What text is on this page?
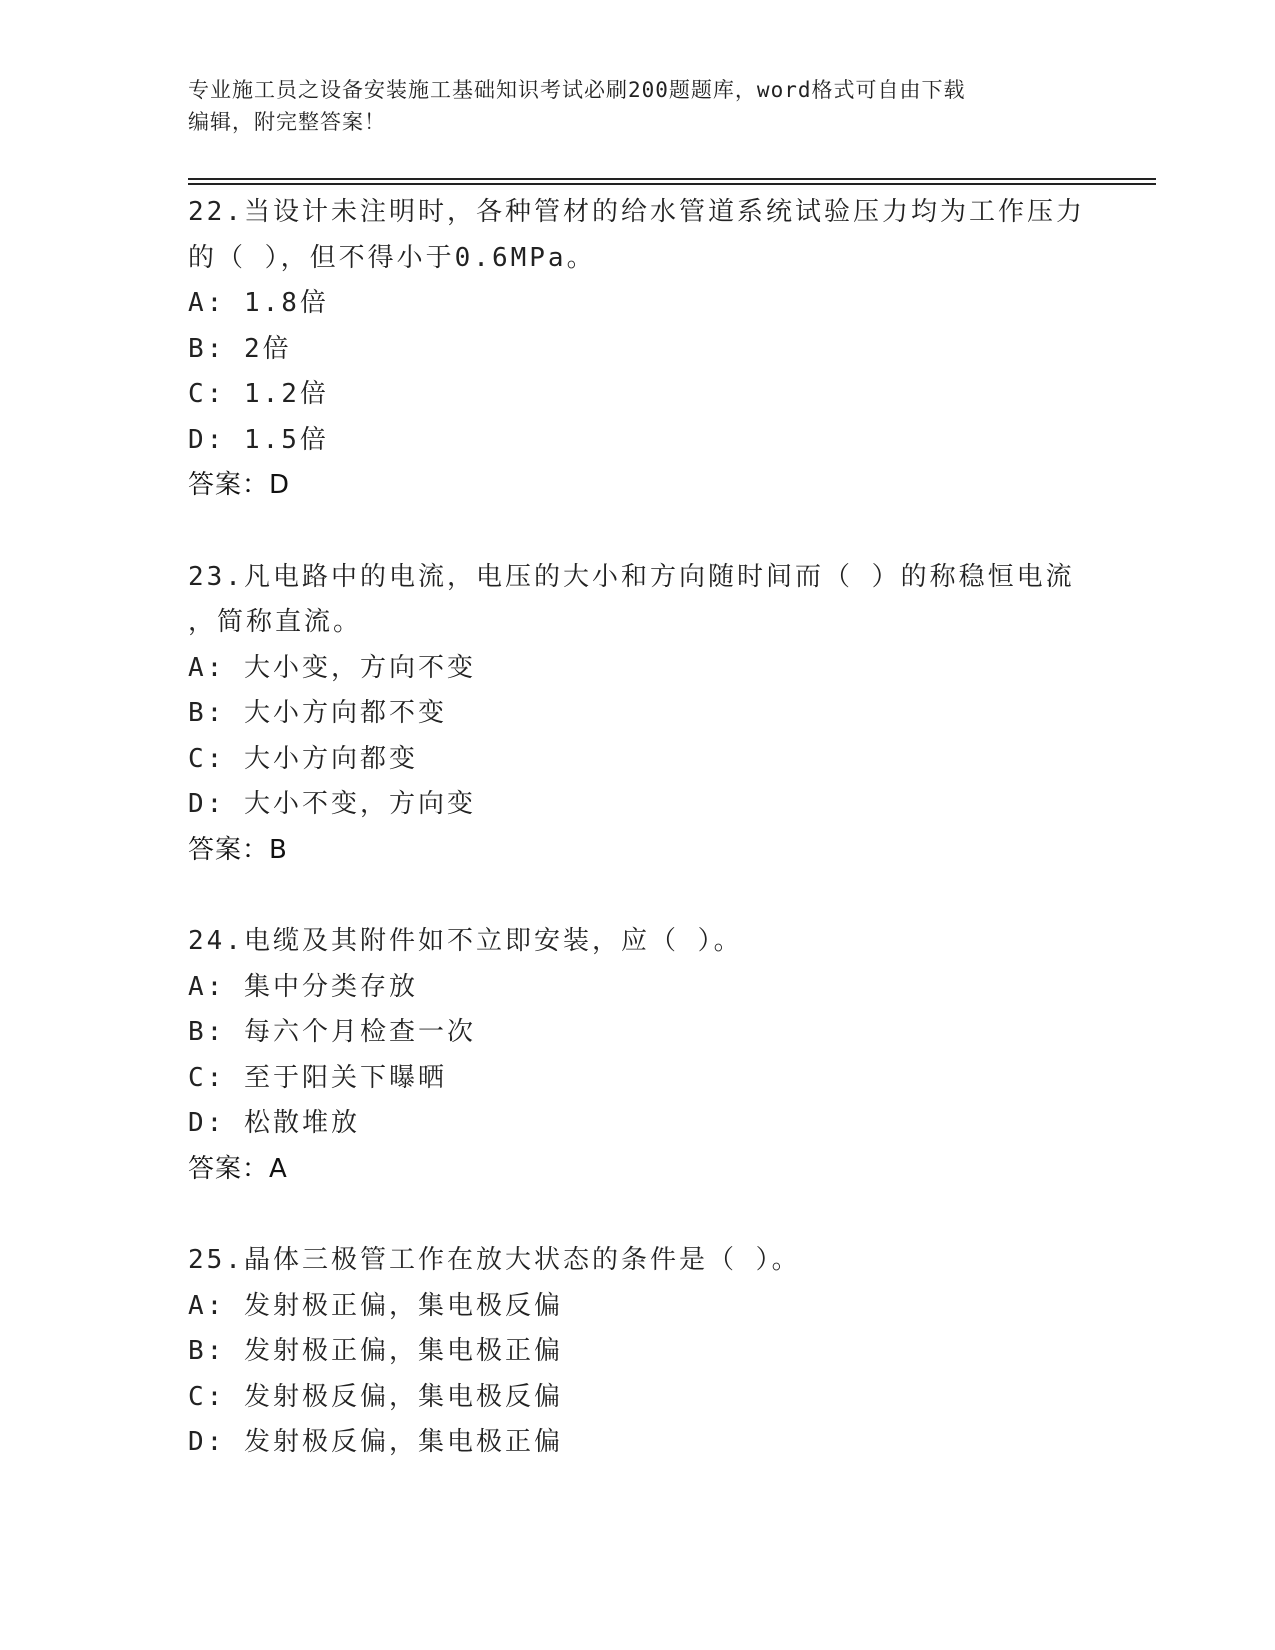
专业施工员之设备安装施工基础知识考试必刷200题题库，word格式可自由下载
编辑，附完整答案！
22.当设计未注明时，各种管材的给水管道系统试验压力均为工作压力
的（ ），但不得小于0.6MPa。
A: 1.8倍
B: 2倍
C: 1.2倍
D: 1.5倍
答案：D
23.凡电路中的电流，电压的大小和方向随时间而（ ）的称稳恒电流
，简称直流。
A: 大小变，方向不变
B: 大小方向都不变
C: 大小方向都变
D: 大小不变，方向变
答案：B
24.电缆及其附件如不立即安装，应（ ）。
A: 集中分类存放
B: 每六个月检查一次
C: 至于阳关下曝晒
D: 松散堆放
答案：A
25.晶体三极管工作在放大状态的条件是（ ）。
A: 发射极正偏，集电极反偏
B: 发射极正偏，集电极正偏
C: 发射极反偏，集电极反偏
D: 发射极反偏，集电极正偏
